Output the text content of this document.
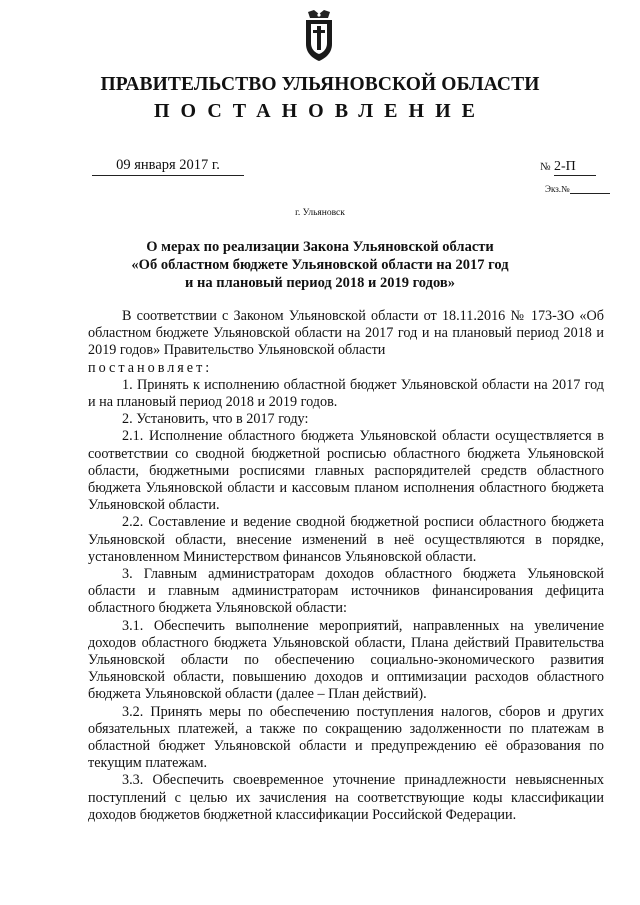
ПРАВИТЕЛЬСТВО УЛЬЯНОВСКОЙ ОБЛАСТИ
ПОСТАНОВЛЕНИЕ
09 января 2017 г.	№ 2-П
Экз.№
г. Ульяновск
О мерах по реализации Закона Ульяновской области
«Об областном бюджете Ульяновской области на 2017 год
и на плановый период 2018 и 2019 годов»

В соответствии с Законом Ульяновской области от 18.11.2016 № 173-ЗО «Об областном бюджете Ульяновской области на 2017 год и на плановый период 2018 и 2019 годов» Правительство Ульяновской области

постановляет:

1. Принять к исполнению областной бюджет Ульяновской области на 2017 год и на плановый период 2018 и 2019 годов.

2. Установить, что в 2017 году:

2.1. Исполнение областного бюджета Ульяновской области осуществляется в соответствии со сводной бюджетной росписью областного бюджета Ульяновской области, бюджетными росписями главных распорядителей средств областного бюджета Ульяновской области и кассовым планом исполнения областного бюджета Ульяновской области.

2.2. Составление и ведение сводной бюджетной росписи областного бюджета Ульяновской области, внесение изменений в неё осуществляются в порядке, установленном Министерством финансов Ульяновской области.

3. Главным администраторам доходов областного бюджета Ульяновской области и главным администраторам источников финансирования дефицита областного бюджета Ульяновской области:

3.1. Обеспечить выполнение мероприятий, направленных на увеличение доходов областного бюджета Ульяновской области, Плана действий Правительства Ульяновской области по обеспечению социально-экономического развития Ульяновской области, повышению доходов и оптимизации расходов областного бюджета Ульяновской области (далее – План действий).

3.2. Принять меры по обеспечению поступления налогов, сборов и других обязательных платежей, а также по сокращению задолженности по платежам в областной бюджет Ульяновской области и предупреждению её образования по текущим платежам.

3.3. Обеспечить своевременное уточнение принадлежности невыясненных поступлений с целью их зачисления на соответствующие коды классификации доходов бюджетов бюджетной классификации Российской Федерации.
